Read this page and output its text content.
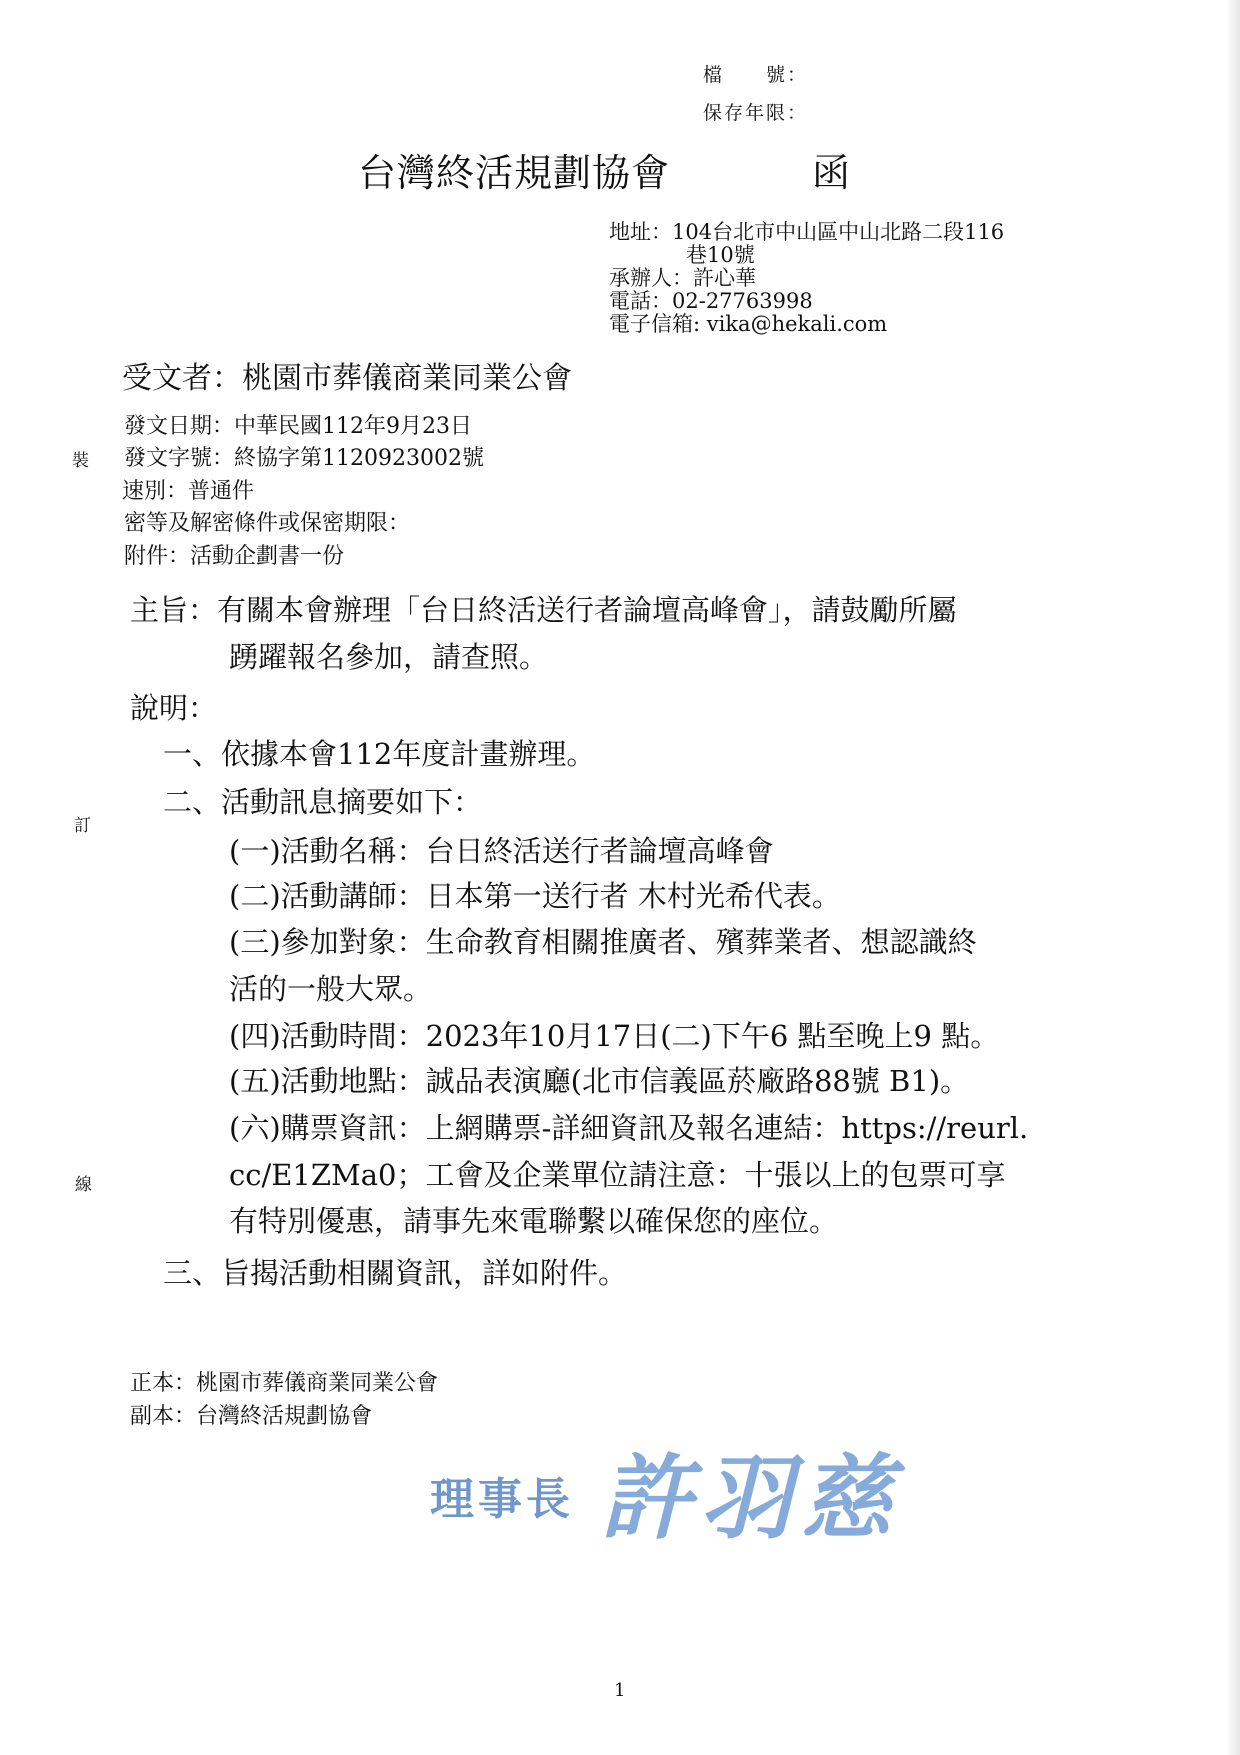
檔　　號：
保存年限：
台灣終活規劃協會	函
地址：104台北市中山區中山北路二段116
巷10號
承辦人：許心華
電話：02-27763998
電子信箱: vika@hekali.com
受文者：桃園市葬儀商業同業公會
發文日期：中華民國112年9月23日
發文字號：終協字第1120923002號
速別：普通件
密等及解密條件或保密期限：
附件：活動企劃書一份
主旨：有關本會辦理「台日終活送行者論壇高峰會」，請鼓勵所屬
踴躍報名參加，請查照。
說明：
一、依據本會112年度計畫辦理。
二、活動訊息摘要如下：
(一)活動名稱：台日終活送行者論壇高峰會
(二)活動講師：日本第一送行者 木村光希代表。
(三)參加對象：生命教育相關推廣者、殯葬業者、想認識終
活的一般大眾。
(四)活動時間：2023年10月17日(二)下午6 點至晚上9 點。
(五)活動地點：誠品表演廳(北市信義區菸廠路88號 B1)。
(六)購票資訊：上網購票-詳細資訊及報名連結：https://reurl.
cc/E1ZMa0；工會及企業單位請注意：十張以上的包票可享
有特別優惠，請事先來電聯繫以確保您的座位。
三、旨揭活動相關資訊，詳如附件。
正本：桃園市葬儀商業同業公會
副本：台灣終活規劃協會
理事長 許羽慈
裝
訂
線
1
